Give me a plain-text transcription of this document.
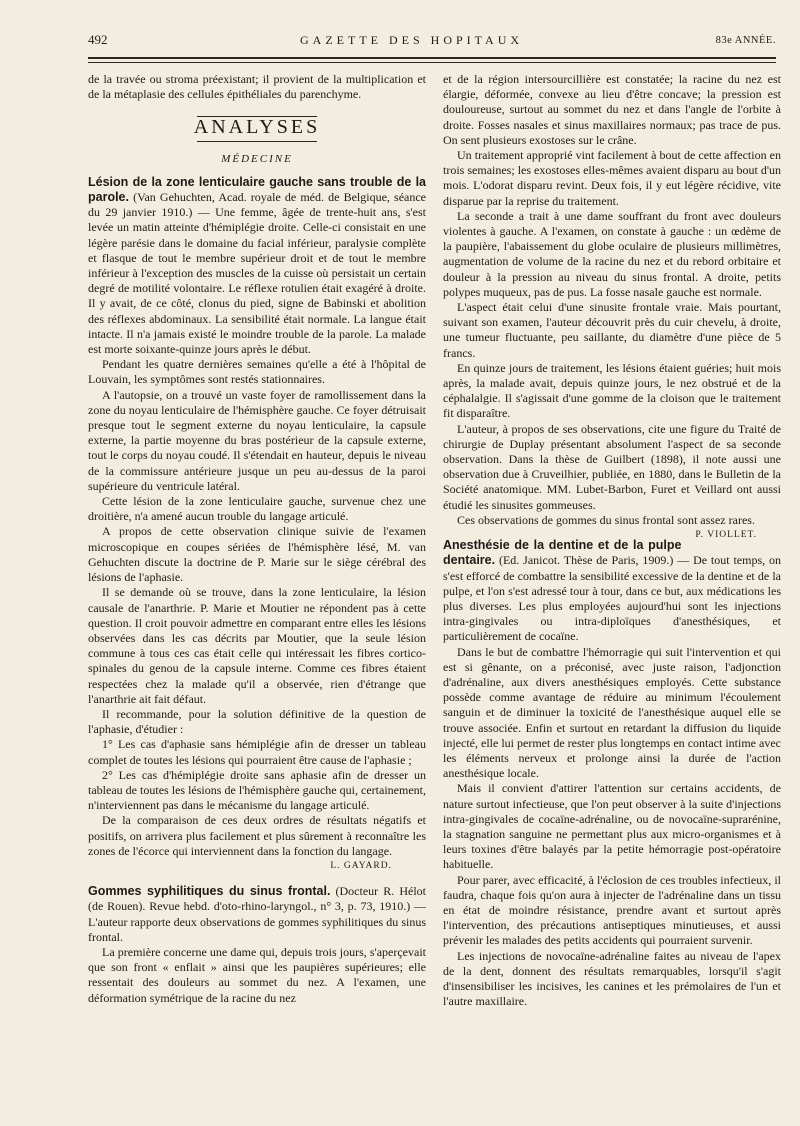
492	GAZETTE DES HOPITAUX	83e ANNÉE.

de la travée ou stroma préexistant; il provient de la multiplication et de la métaplasie des cellules épithéliales du parenchyme.

ANALYSES
MÉDECINE

Lésion de la zone lenticulaire gauche sans trouble de la parole. (Van Gehuchten, Acad. royale de méd. de Belgique, séance du 29 janvier 1910.) — Une femme, âgée de trente-huit ans, s'est levée un matin atteinte d'hémiplégie droite. Celle-ci consistait en une légère parésie dans le domaine du facial inférieur, paralysie complète et flasque de tout le membre supérieur droit et de tout le membre inférieur à l'exception des muscles de la cuisse où persistait un certain degré de motilité volontaire. Le réflexe rotulien était exagéré à droite. Il y avait, de ce côté, clonus du pied, signe de Babinski et abolition des réflexes abdominaux. La sensibilité était normale. La langue était intacte. Il n'a jamais existé le moindre trouble de la parole. La malade est morte soixante-quinze jours après le début.

Pendant les quatre dernières semaines qu'elle a été à l'hôpital de Louvain, les symptômes sont restés stationnaires.

A l'autopsie, on a trouvé un vaste foyer de ramollissement dans la zone du noyau lenticulaire de l'hémisphère gauche. Ce foyer détruisait presque tout le segment externe du noyau lenticulaire, la capsule externe, la partie moyenne du bras postérieur de la capsule externe, tout le corps du noyau coudé. Il s'étendait en hauteur, depuis le niveau de la commissure antérieure jusque un peu au-dessus de la paroi supérieure du ventricule latéral.

Cette lésion de la zone lenticulaire gauche, survenue chez une droitière, n'a amené aucun trouble du langage articulé.

A propos de cette observation clinique suivie de l'examen microscopique en coupes sériées de l'hémisphère lésé, M. van Gehuchten discute la doctrine de P. Marie sur le siège cérébral des lésions de l'aphasie.

Il se demande où se trouve, dans la zone lenticulaire, la lésion causale de l'anarthrie. P. Marie et Moutier ne répondent pas à cette question. Il croit pouvoir admettre en comparant entre elles les lésions observées dans les cas décrits par Moutier, que la seule lésion commune à tous ces cas était celle qui intéressait les fibres cortico-spinales du genou de la capsule interne. Comme ces fibres étaient respectées chez la malade qu'il a observée, rien d'étrange que l'anarthrie ait fait défaut.

Il recommande, pour la solution définitive de la question de l'aphasie, d'étudier :

1° Les cas d'aphasie sans hémiplégie afin de dresser un tableau complet de toutes les lésions qui pourraient être cause de l'aphasie ;

2° Les cas d'hémiplégie droite sans aphasie afin de dresser un tableau de toutes les lésions de l'hémisphère gauche qui, certainement, n'interviennent pas dans le mécanisme du langage articulé.

De la comparaison de ces deux ordres de résultats négatifs et positifs, on arrivera plus facilement et plus sûrement à reconnaître les zones de l'écorce qui interviennent dans la fonction du langage.

L. GAYARD.

Gommes syphilitiques du sinus frontal. (Docteur R. Hélot (de Rouen). Revue hebd. d'oto-rhino-laryngol., n° 3, p. 73, 1910.) — L'auteur rapporte deux observations de gommes syphilitiques du sinus frontal.

La première concerne une dame qui, depuis trois jours, s'aperçevait que son front « enflait » ainsi que les paupières supérieures; elle ressentait des douleurs au sommet du nez. A l'examen, une déformation symétrique de la racine du nez

et de la région intersourcillière est constatée; la racine du nez est élargie, déformée, convexe au lieu d'être concave; la pression est douloureuse, surtout au sommet du nez et dans l'angle de l'orbite à droite. Fosses nasales et sinus maxillaires normaux; pas trace de pus. On sent plusieurs exostoses sur le crâne.

Un traitement approprié vint facilement à bout de cette affection en trois semaines; les exostoses elles-mêmes avaient disparu au bout d'un mois. L'odorat disparu revint. Deux fois, il y eut légère récidive, vite disparue par la reprise du traitement.

La seconde a trait à une dame souffrant du front avec douleurs violentes à gauche. A l'examen, on constate à gauche : un œdème de la paupière, l'abaissement du globe oculaire de plusieurs millimètres, augmentation de volume de la racine du nez et du rebord orbitaire et douleur à la pression au niveau du sinus frontal. A droite, petits polypes muqueux, pas de pus. La fosse nasale gauche est normale.

L'aspect était celui d'une sinusite frontale vraie. Mais pourtant, suivant son examen, l'auteur découvrit près du cuir chevelu, à droite, une tumeur fluctuante, peu saillante, du diamètre d'une pièce de 5 francs.

En quinze jours de traitement, les lésions étaient guéries; huit mois après, la malade avait, depuis quinze jours, le nez obstrué et de la céphalalgie. Il s'agissait d'une gomme de la cloison que le traitement fit disparaître.

L'auteur, à propos de ses observations, cite une figure du Traité de chirurgie de Duplay présentant absolument l'aspect de sa seconde observation. Dans la thèse de Guilbert (1898), il note aussi une observation due à Cruveilhier, publiée, en 1880, dans le Bulletin de la Société anatomique. MM. Lubet-Barbon, Furet et Veillard ont aussi étudié les sinusites gommeuses.

Ces observations de gommes du sinus frontal sont assez rares.
P. VIOLLET.

Anesthésie de la dentine et de la pulpe dentaire. (Ed. Janicot. Thèse de Paris, 1909.) — De tout temps, on s'est efforcé de combattre la sensibilité excessive de la dentine et de la pulpe, et l'on s'est adressé tour à tour, dans ce but, aux médications les plus diverses. Les plus employées aujourd'hui sont les injections intra-gingivales ou intra-diploïques d'anesthésiques, et particulièrement de cocaïne.

Dans le but de combattre l'hémorragie qui suit l'intervention et qui est si gênante, on a préconisé, avec juste raison, l'adjonction d'adrénaline, aux divers anesthésiques employés. Cette substance possède comme avantage de réduire au minimum l'écoulement sanguin et de diminuer la toxicité de l'anesthésique auquel elle se trouve associée. Enfin et surtout en retardant la diffusion du liquide injecté, elle lui permet de rester plus longtemps en contact intime avec les éléments nerveux et prolonge ainsi la durée de l'action anesthésique locale.

Mais il convient d'attirer l'attention sur certains accidents, de nature surtout infectieuse, que l'on peut observer à la suite d'injections intra-gingivales de cocaïne-adrénaline, ou de novocaïne-suprarénine, la stagnation sanguine ne permettant plus aux micro-organismes et à leurs toxines d'être balayés par la petite hémorragie post-opératoire habituelle.

Pour parer, avec efficacité, à l'éclosion de ces troubles infectieux, il faudra, chaque fois qu'on aura à injecter de l'adrénaline dans un tissu en état de moindre résistance, prendre avant et surtout après l'intervention, des précautions antiseptiques minutieuses, et aussi prévenir les malades des petits accidents qui pourraient survenir.

Les injections de novocaïne-adrénaline faites au niveau de l'apex de la dent, donnent des résultats remarquables, lorsqu'il s'agit d'insensibiliser les incisives, les canines et les prémolaires de l'un et l'autre maxillaire.
